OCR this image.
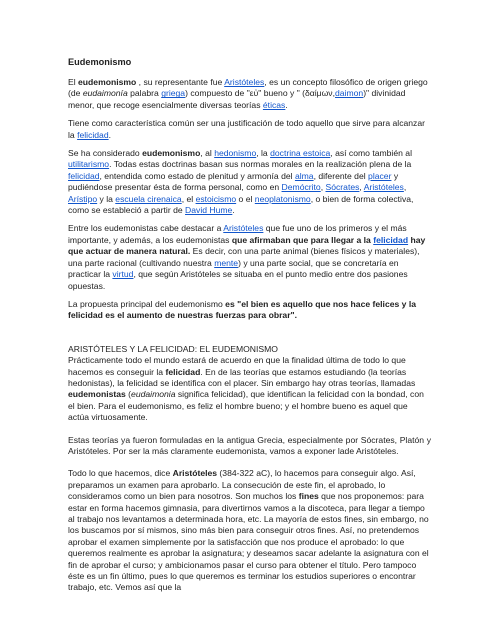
Eudemonismo

El eudemonismo , su representante fue Aristóteles, es un concepto filosófico de origen griego (de eudaimonía palabra griega) compuesto de "εὐ" bueno y " (δαίμων,daimon)" divinidad menor, que recoge esencialmente diversas teorías éticas.

Tiene como característica común ser una justificación de todo aquello que sirve para alcanzar la felicidad.

Se ha considerado eudemonismo, al hedonismo, la doctrina estoica, así como también al utilitarismo. Todas estas doctrinas basan sus normas morales en la realización plena de la felicidad, entendida como estado de plenitud y armonía del alma, diferente del placer y pudiéndose presentar ésta de forma personal, como en Demócrito, Sócrates, Aristóteles, Arístipo y la escuela cirenaica, el estoicismo o el neoplatonismo, o bien de forma colectiva, como se estableció a partir de David Hume.

Entre los eudemonistas cabe destacar a Aristóteles que fue uno de los primeros y el más importante, y además, a los eudemonistas que afirmaban que para llegar a la felicidad hay que actuar de manera natural. Es decir, con una parte animal (bienes físicos y materiales), una parte racional (cultivando nuestra mente) y una parte social, que se concretaría en practicar la virtud, que según Aristóteles se situaba en el punto medio entre dos pasiones opuestas.

La propuesta principal del eudemonismo es "el bien es aquello que nos hace felices y la felicidad es el aumento de nuestras fuerzas para obrar".

ARISTÓTELES Y LA FELICIDAD: EL EUDEMONISMO

Prácticamente todo el mundo estará de acuerdo en que la finalidad última de todo lo que hacemos es conseguir la felicidad. En de las teorías que estamos estudiando (la teorías hedonistas), la felicidad se identifica con el placer. Sin embargo hay otras teorías, llamadas eudemonistas (eudaimonia significa felicidad), que identifican la felicidad con la bondad, con el bien. Para el eudemonismo, es feliz el hombre bueno; y el hombre bueno es aquel que actúa virtuosamente.

Estas teorías ya fueron formuladas en la antigua Grecia, especialmente por Sócrates, Platón y Aristóteles. Por ser la más claramente eudemonista, vamos a exponer lade Aristóteles.

Todo lo que hacemos, dice Aristóteles (384-322 aC), lo hacemos para conseguir algo. Así, preparamos un examen para aprobarlo. La consecución de este fin, el aprobado, lo consideramos como un bien para nosotros. Son muchos los fines que nos proponemos: para estar en forma hacemos gimnasia, para divertirnos vamos a la discoteca, para llegar a tiempo al trabajo nos levantamos a determinada hora, etc. La mayoría de estos fines, sin embargo, no los buscamos por sí mismos, sino más bien para conseguir otros fines. Así, no pretendemos aprobar el examen simplemente por la satisfacción que nos produce el aprobado: lo que queremos realmente es aprobar la asignatura; y deseamos sacar adelante la asignatura con el fin de aprobar el curso; y ambicionamos pasar el curso para obtener el título. Pero tampoco éste es un fin último, pues lo que queremos es terminar los estudios superiores o encontrar trabajo, etc. Vemos así que la
